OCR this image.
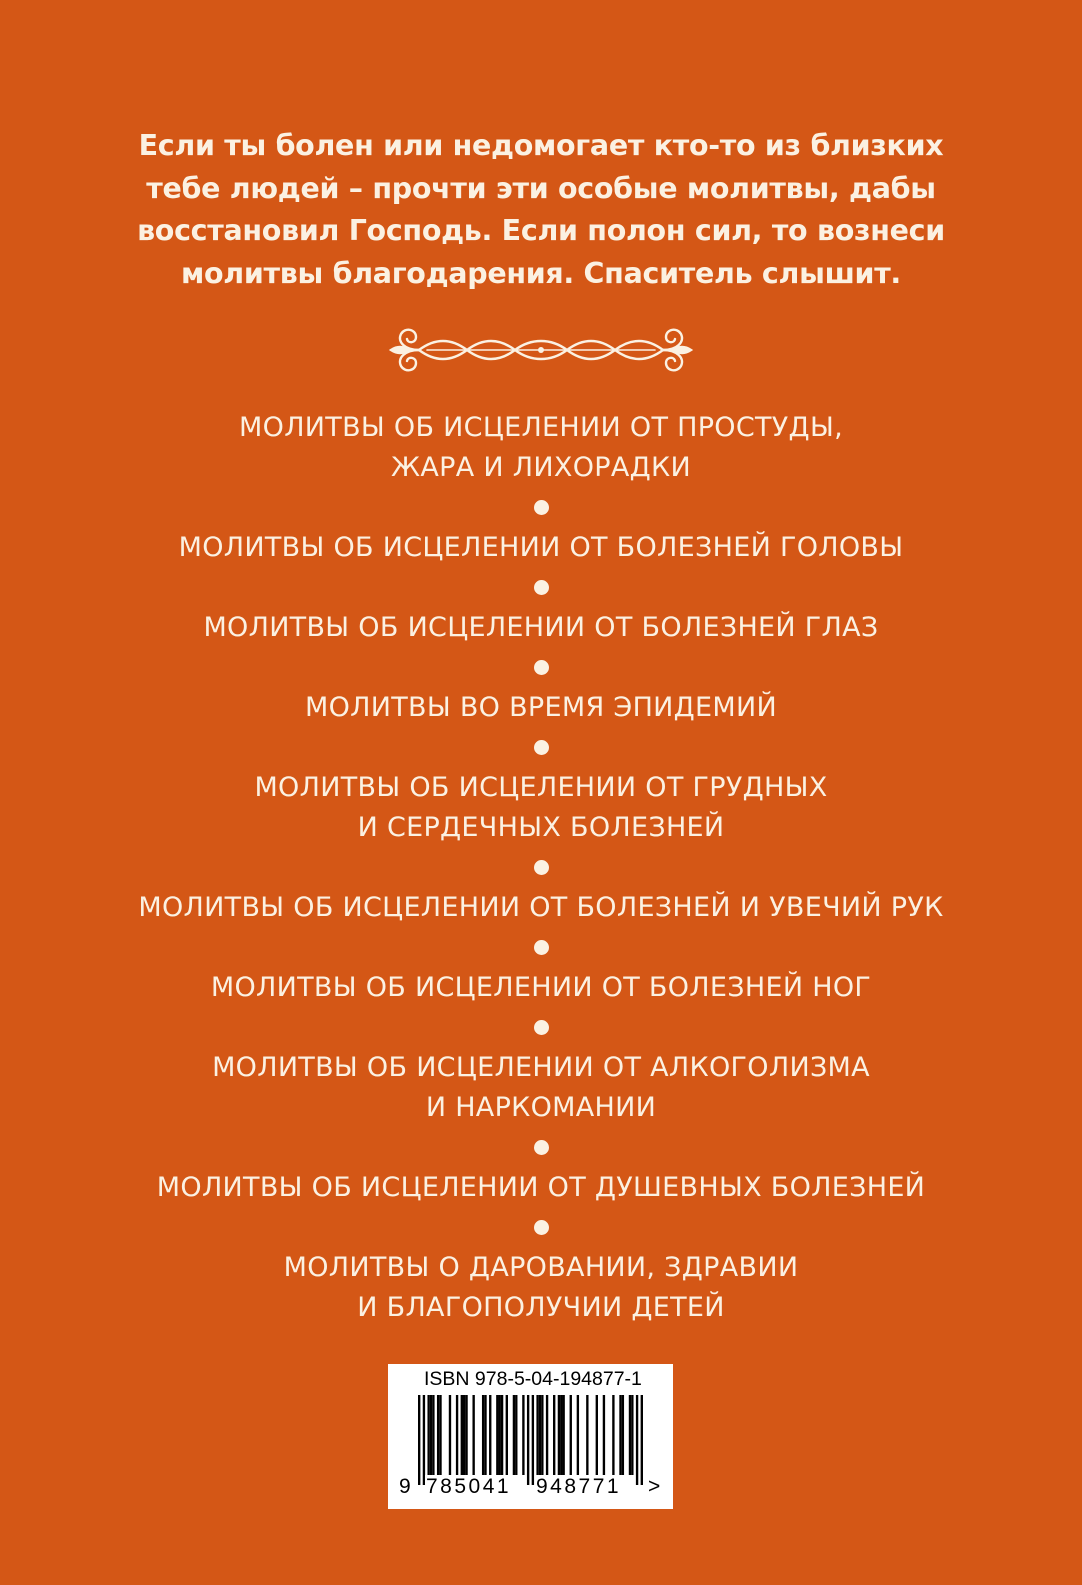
Если ты болен или недомогает кто-то из близких
тебе людей – прочти эти особые молитвы, дабы
восстановил Господь. Если полон сил, то вознеси
молитвы благодарения. Спаситель слышит.
МОЛИТВЫ ОБ ИСЦЕЛЕНИИ ОТ ПРОСТУДЫ,
ЖАРА И ЛИХОРАДКИ
МОЛИТВЫ ОБ ИСЦЕЛЕНИИ ОТ БОЛЕЗНЕЙ ГОЛОВЫ
МОЛИТВЫ ОБ ИСЦЕЛЕНИИ ОТ БОЛЕЗНЕЙ ГЛАЗ
МОЛИТВЫ ВО ВРЕМЯ ЭПИДЕМИЙ
МОЛИТВЫ ОБ ИСЦЕЛЕНИИ ОТ ГРУДНЫХ
И СЕРДЕЧНЫХ БОЛЕЗНЕЙ
МОЛИТВЫ ОБ ИСЦЕЛЕНИИ ОТ БОЛЕЗНЕЙ И УВЕЧИЙ РУК
МОЛИТВЫ ОБ ИСЦЕЛЕНИИ ОТ БОЛЕЗНЕЙ НОГ
МОЛИТВЫ ОБ ИСЦЕЛЕНИИ ОТ АЛКОГОЛИЗМА
И НАРКОМАНИИ
МОЛИТВЫ ОБ ИСЦЕЛЕНИИ ОТ ДУШЕВНЫХ БОЛЕЗНЕЙ
МОЛИТВЫ О ДАРОВАНИИ, ЗДРАВИИ
И БЛАГОПОЛУЧИИ ДЕТЕЙ
ISBN 978-5-04-194877-1
9 785041 948771 >
